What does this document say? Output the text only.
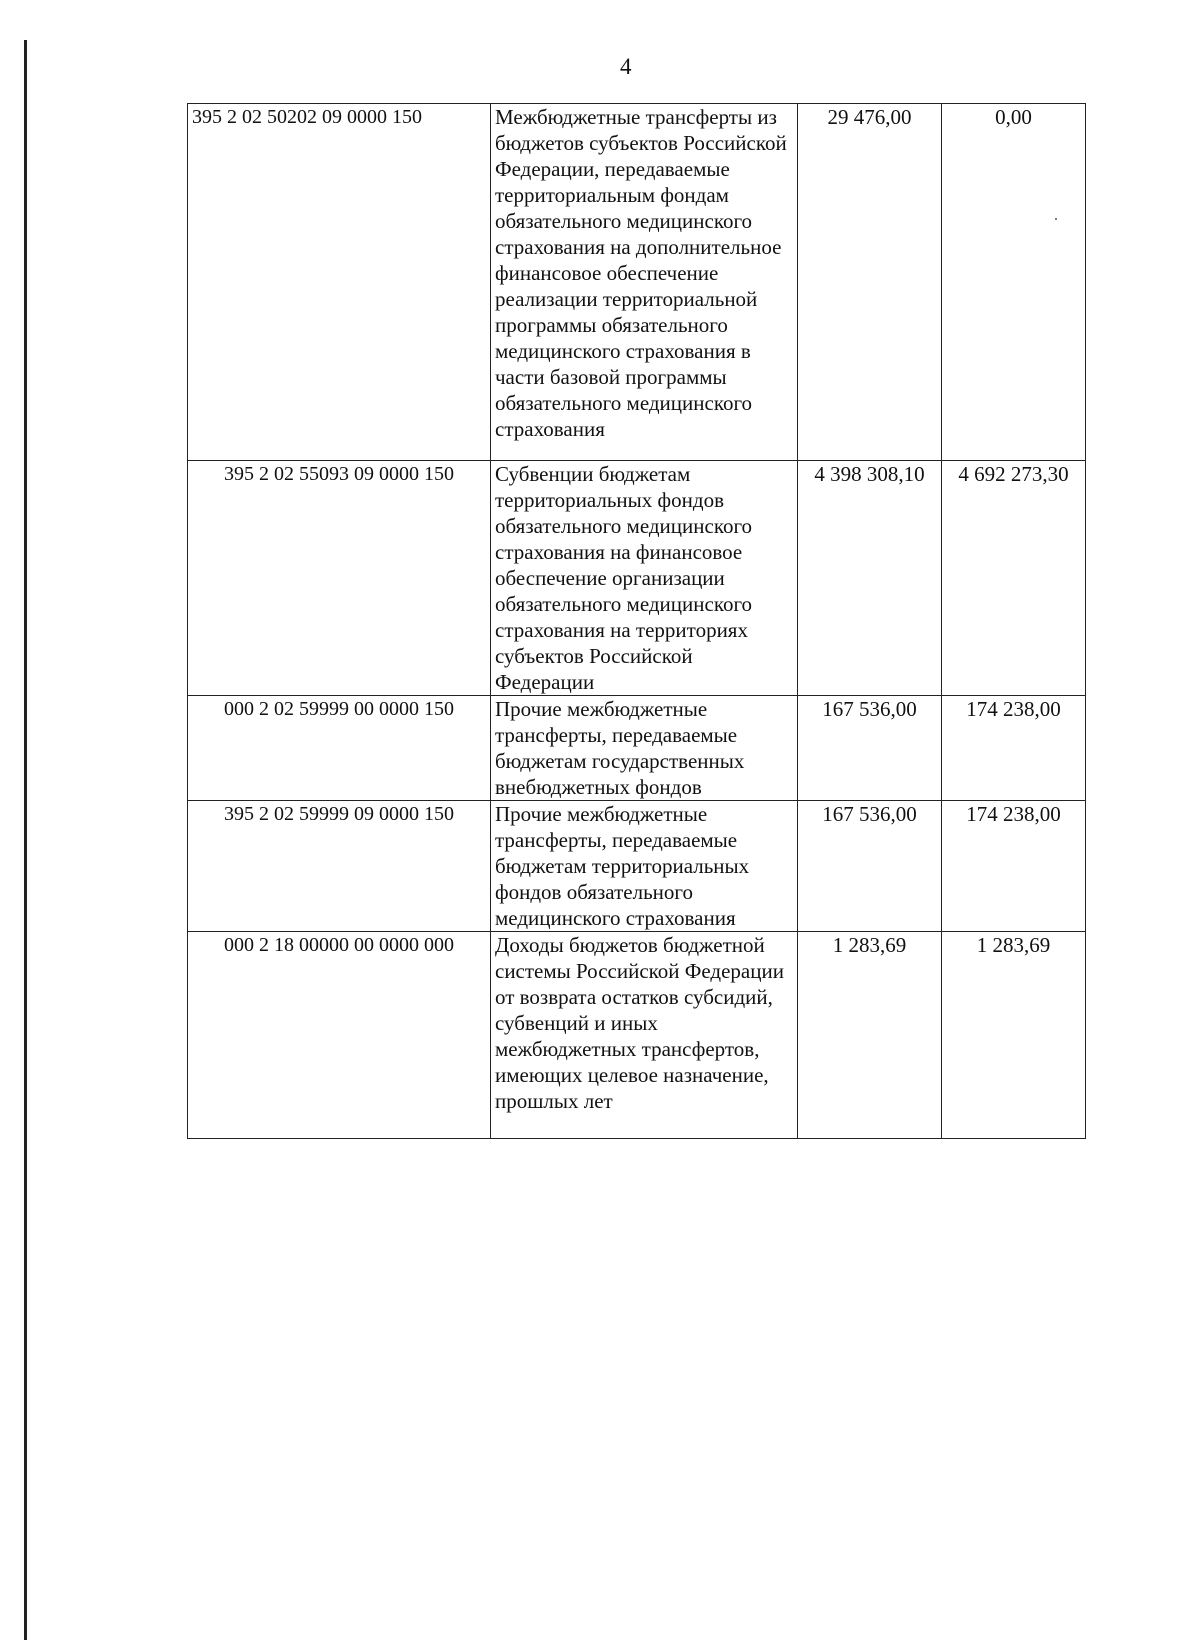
4
395 2 02 50202 09 0000 150	Межбюджетные трансферты из бюджетов субъектов Российской Федерации, передаваемые территориальным фондам обязательного медицинского страхования на дополнительное финансовое обеспечение реализации территориальной программы обязательного медицинского страхования в части базовой программы обязательного медицинского страхования	29 476,00	0,00
395 2 02 55093 09 0000 150	Субвенции бюджетам территориальных фондов обязательного медицинского страхования на финансовое обеспечение организации обязательного медицинского страхования на территориях субъектов Российской Федерации	4 398 308,10	4 692 273,30
000 2 02 59999 00 0000 150	Прочие межбюджетные трансферты, передаваемые бюджетам государственных внебюджетных фондов	167 536,00	174 238,00
395 2 02 59999 09 0000 150	Прочие межбюджетные трансферты, передаваемые бюджетам территориальных фондов обязательного медицинского страхования	167 536,00	174 238,00
000 2 18 00000 00 0000 000	Доходы бюджетов бюджетной системы Российской Федерации от возврата остатков субсидий, субвенций и иных межбюджетных трансфертов, имеющих целевое назначение, прошлых лет	1 283,69	1 283,69
